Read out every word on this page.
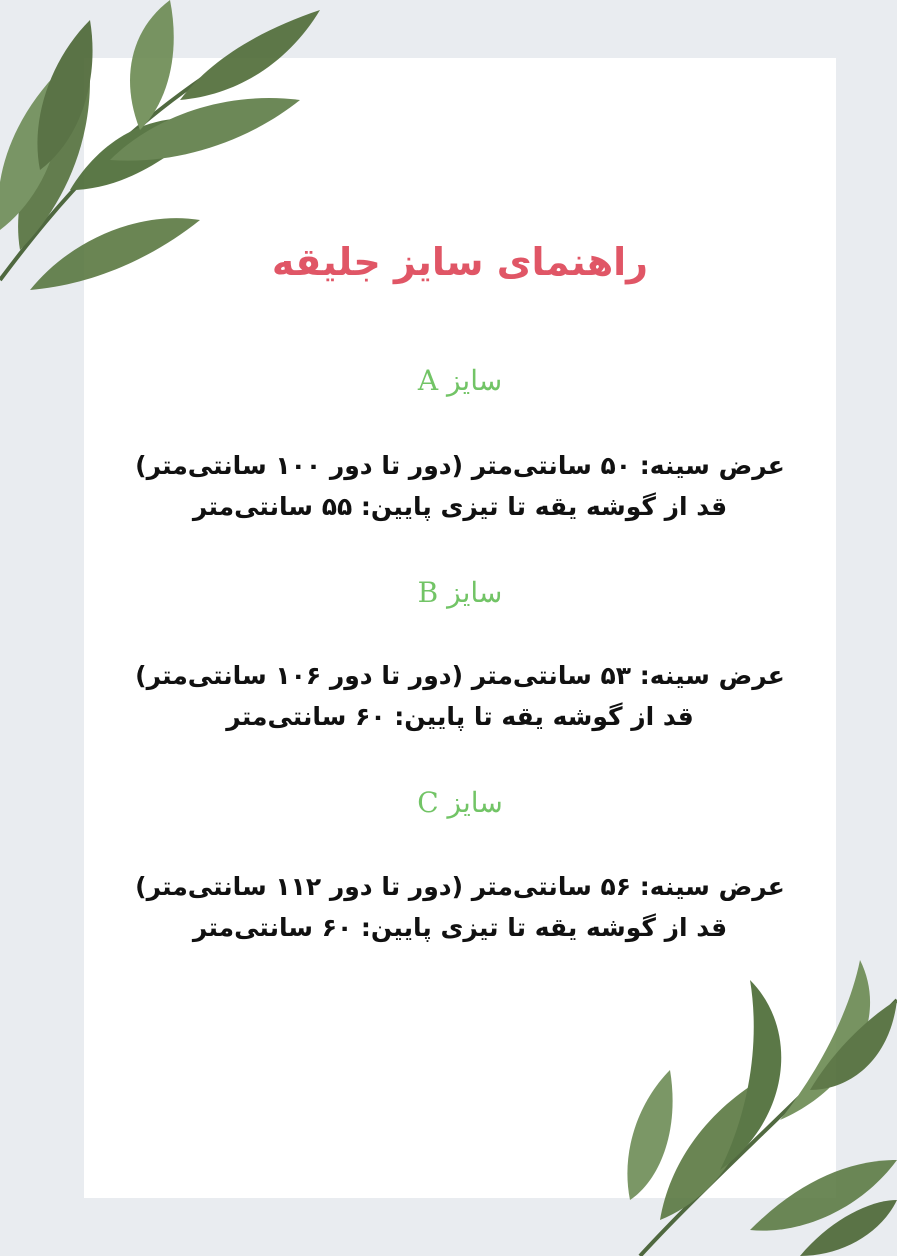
راهنمای سایز جلیقه
سایز A
عرض سینه: ۵۰ سانتی‌متر (دور تا دور ۱۰۰ سانتی‌متر)
قد از گوشه یقه تا تیزی پایین: ۵۵ سانتی‌متر
سایز B
عرض سینه: ۵۳ سانتی‌متر (دور تا دور ۱۰۶ سانتی‌متر)
قد از گوشه یقه تا پایین: ۶۰ سانتی‌متر
سایز C
عرض سینه: ۵۶ سانتی‌متر (دور تا دور ۱۱۲ سانتی‌متر)
قد از گوشه یقه تا تیزی پایین: ۶۰ سانتی‌متر
